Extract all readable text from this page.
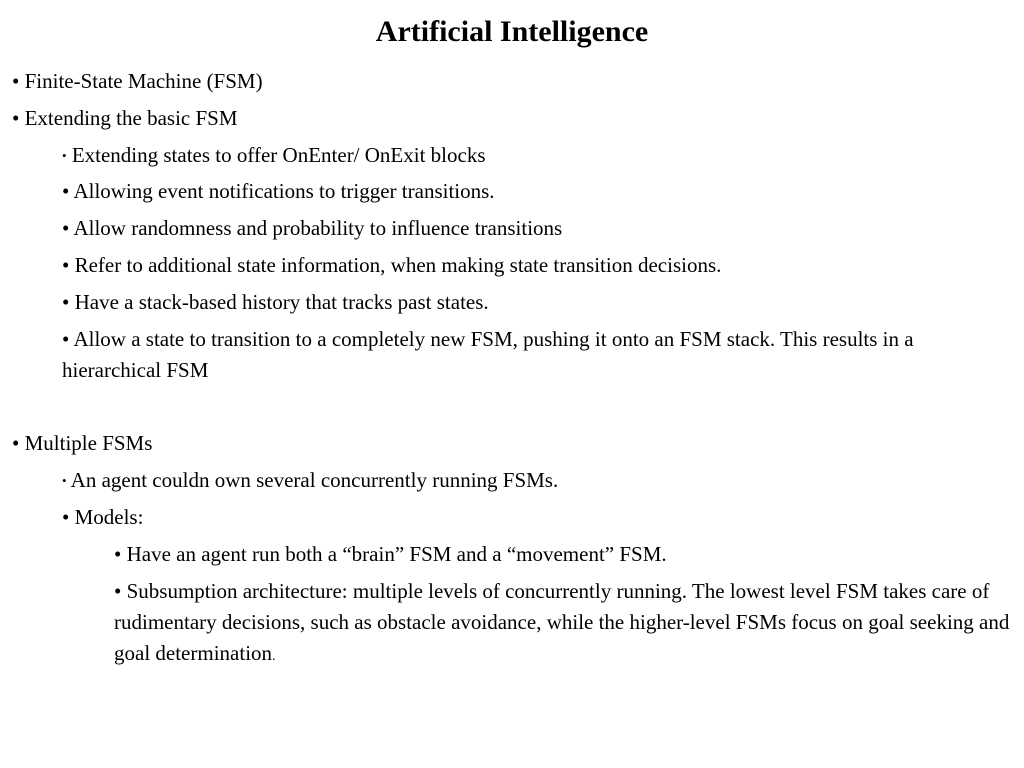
Artificial Intelligence

• Finite-State Machine (FSM)

• Extending the basic FSM

• Extending states to offer OnEnter/ OnExit blocks

• Allowing event notifications to trigger transitions.

• Allow randomness and probability to influence transitions

• Refer to additional state information, when making state transition decisions.

• Have a stack-based history that tracks past states.

• Allow a state to transition to a completely new FSM, pushing it onto an FSM stack. This results in a hierarchical FSM

• Multiple FSMs

• An agent couldn own several concurrently running FSMs.

• Models:

• Have an agent run both a “brain” FSM and a “movement” FSM.

• Subsumption architecture: multiple levels of concurrently running. The lowest level FSM takes care of rudimentary decisions, such as obstacle avoidance, while the higher-level FSMs focus on goal seeking and goal determination.
